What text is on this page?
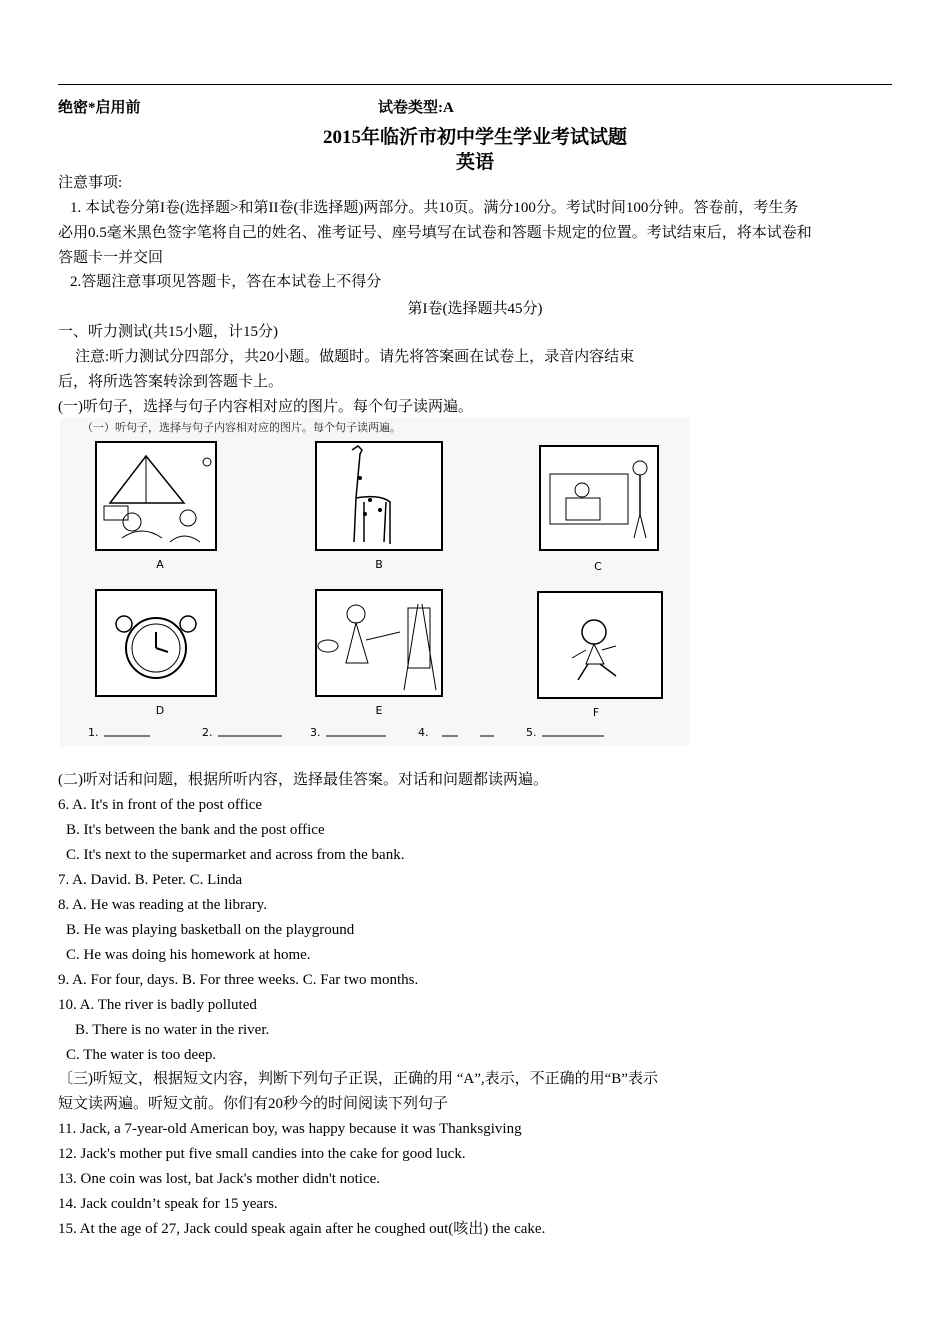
绝密*启用前	试卷类型:A
2015年临沂市初中学生学业考试试题
英语
注意事项:
1. 本试卷分第I卷(选择题>和第II卷(非选择题)两部分。共10页。满分100分。考试时间100分钟。答卷前，考生务
必用0.5毫米黑色签字笔将自己的姓名、准考证号、座号填写在试卷和答题卡规定的位置。考试结束后，将本试卷和
答题卡一并交回
2.答题注意事项见答题卡，答在本试卷上不得分
第I卷(选择题共45分)
一、听力测试(共15小题，计15分)
注意:听力测试分四部分，共20小题。做题时。请先将答案画在试卷上，录音内容结束
后，将所选答案转涂到答题卡上。
(一)听句子，选择与句子内容相对应的图片。每个句子读两遍。
（一）听句子，选择与句子内容相对应的图片。每个句子读两遍。
A	B	C
D	E	F
1.	2.	3.	4.	5.
(二)听对话和问题，根据所听内容，选择最佳答案。对话和问题都读两遍。
6. A. It's in front of the post office
B. It's between the bank and the post office
C. It's next to the supermarket and across from the bank.
7. A. David. B. Peter. C. Linda
8. A. He was reading at the library.
B. He was playing basketball on the playground
C. He was doing his homework at home.
9. A. For four, days. B. For three weeks. C. Far two months.
10. A. The river is badly polluted
B. There is no water in the river.
C. The water is too deep.
〔三)听短文，根据短文内容，判断下列句子正误，正确的用 “A”,表示，不正确的用“B”表示
短文读两遍。听短文前。你们有20秒今的时间阅读下列句子
11. Jack, a 7-year-old American boy, was happy because it was Thanksgiving
12. Jack's mother put five small candies into the cake for good luck.
13. One coin was lost, bat Jack's mother didn't notice.
14. Jack couldn’t speak for 15 years.
15. At the age of 27, Jack could speak again after he coughed out(咳出) the cake.
